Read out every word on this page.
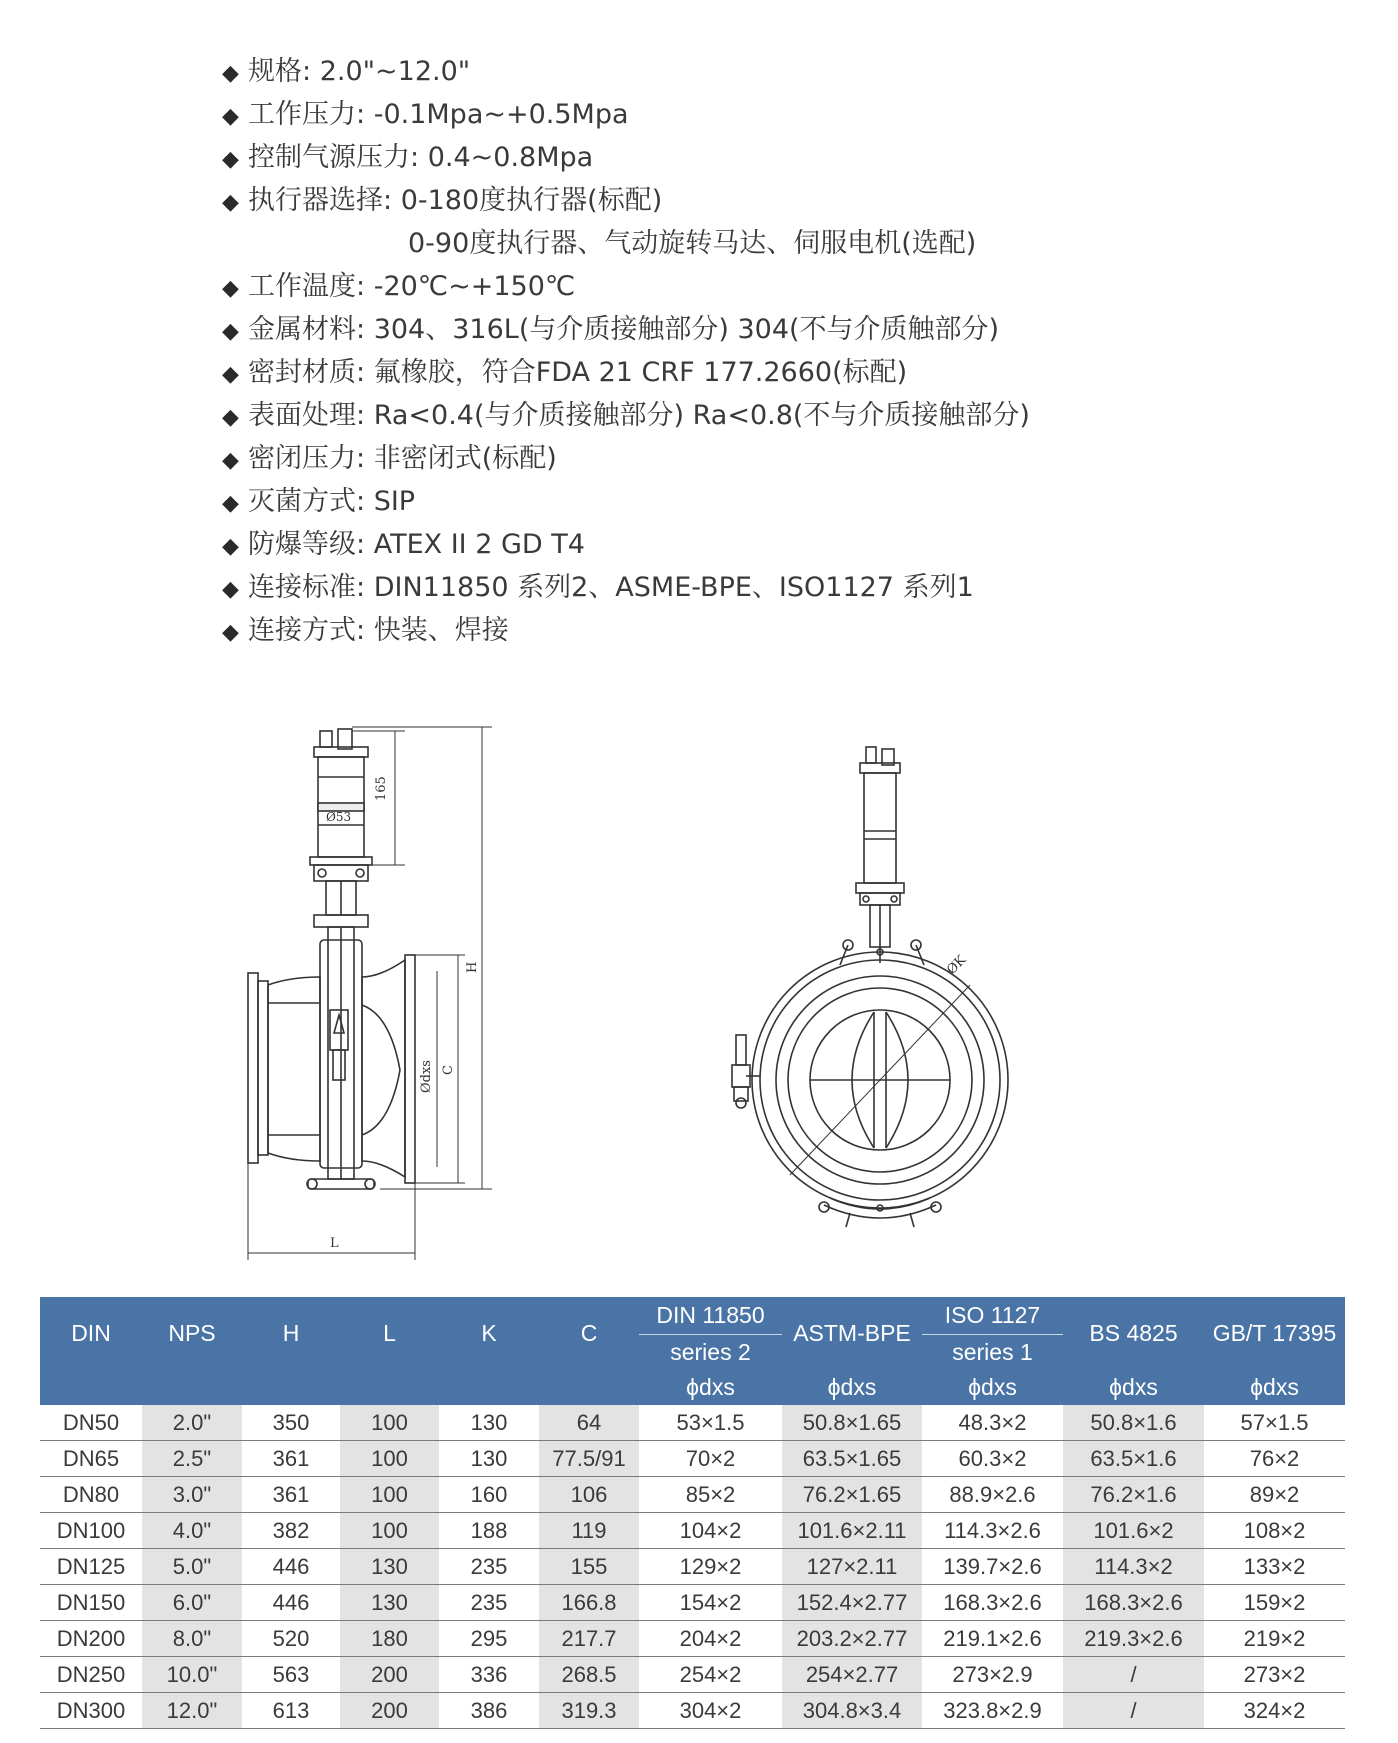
◆ 规格: 2.0"~12.0"
◆ 工作压力: -0.1Mpa~+0.5Mpa
◆ 控制气源压力: 0.4~0.8Mpa
◆ 执行器选择: 0-180度执行器(标配)
0-90度执行器、气动旋转马达、伺服电机(选配)
◆ 工作温度: -20℃~+150℃
◆ 金属材料: 304、316L(与介质接触部分) 304(不与介质触部分)
◆ 密封材质: 氟橡胶，符合FDA 21 CRF 177.2660(标配)
◆ 表面处理: Ra<0.4(与介质接触部分) Ra<0.8(不与介质接触部分)
◆ 密闭压力: 非密闭式(标配)
◆ 灭菌方式: SIP
◆ 防爆等级: ATEX II 2 GD T4
◆ 连接标准: DIN11850 系列2、ASME-BPE、ISO1127 系列1
◆ 连接方式: 快装、焊接
Ø53
165
H
C
Ødxs
L
ØK
DIN	NPS	H	L	K	C	DIN 11850	ASTM-BPE	ISO 1127	BS 4825	GB/T 17395
						series 2		series 1		
						ϕdxs	ϕdxs	ϕdxs	ϕdxs	ϕdxs
DN50	2.0"	350	100	130	64	53×1.5	50.8×1.65	48.3×2	50.8×1.6	57×1.5
DN65	2.5"	361	100	130	77.5/91	70×2	63.5×1.65	60.3×2	63.5×1.6	76×2
DN80	3.0"	361	100	160	106	85×2	76.2×1.65	88.9×2.6	76.2×1.6	89×2
DN100	4.0"	382	100	188	119	104×2	101.6×2.11	114.3×2.6	101.6×2	108×2
DN125	5.0"	446	130	235	155	129×2	127×2.11	139.7×2.6	114.3×2	133×2
DN150	6.0"	446	130	235	166.8	154×2	152.4×2.77	168.3×2.6	168.3×2.6	159×2
DN200	8.0"	520	180	295	217.7	204×2	203.2×2.77	219.1×2.6	219.3×2.6	219×2
DN250	10.0"	563	200	336	268.5	254×2	254×2.77	273×2.9	/	273×2
DN300	12.0"	613	200	386	319.3	304×2	304.8×3.4	323.8×2.9	/	324×2
